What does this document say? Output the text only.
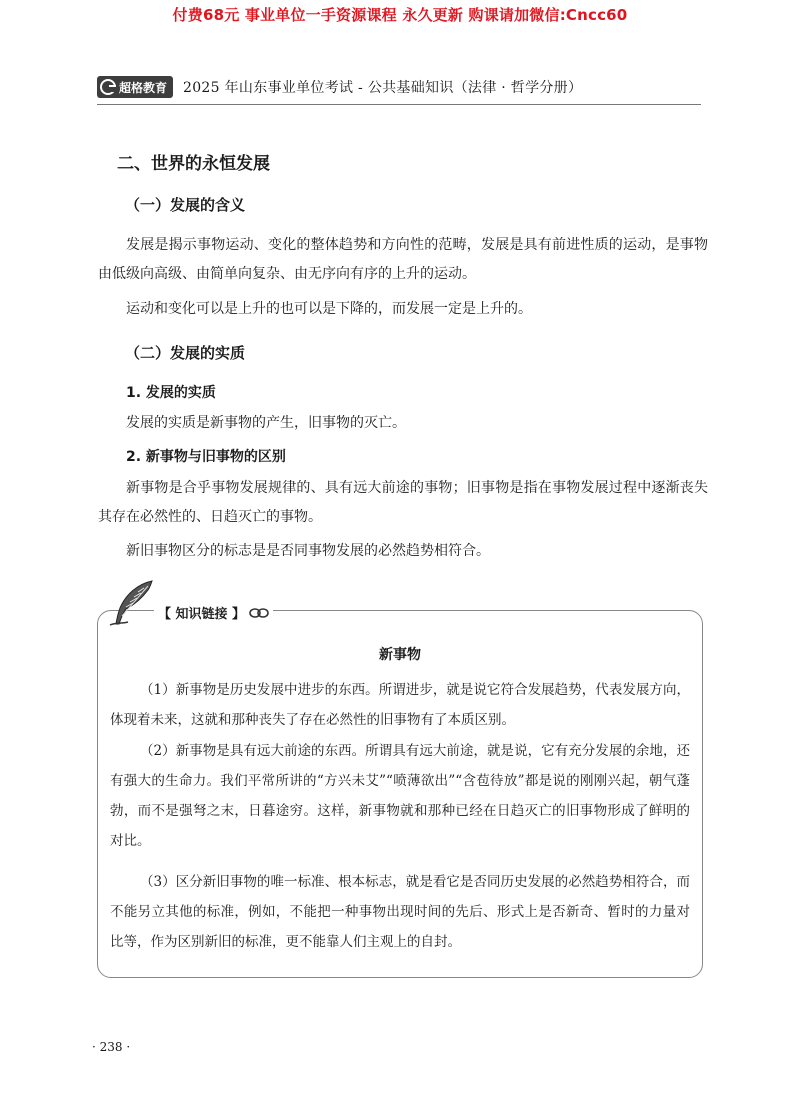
付费68元 事业单位一手资源课程 永久更新 购课请加微信:Cncc60
超格教育 2025 年山东事业单位考试 - 公共基础知识（法律 · 哲学分册）
二、世界的永恒发展
（一）发展的含义
发展是揭示事物运动、变化的整体趋势和方向性的范畴，发展是具有前进性质的运动，是事物由低级向高级、由简单向复杂、由无序向有序的上升的运动。
运动和变化可以是上升的也可以是下降的，而发展一定是上升的。
（二）发展的实质
1. 发展的实质
发展的实质是新事物的产生，旧事物的灭亡。
2. 新事物与旧事物的区别
新事物是合乎事物发展规律的、具有远大前途的事物；旧事物是指在事物发展过程中逐渐丧失其存在必然性的、日趋灭亡的事物。
新旧事物区分的标志是是否同事物发展的必然趋势相符合。
【 知识链接 】
新事物
（1）新事物是历史发展中进步的东西。所谓进步，就是说它符合发展趋势，代表发展方向，体现着未来，这就和那种丧失了存在必然性的旧事物有了本质区别。
（2）新事物是具有远大前途的东西。所谓具有远大前途，就是说，它有充分发展的余地，还有强大的生命力。我们平常所讲的“方兴未艾”“喷薄欲出”“含苞待放”都是说的刚刚兴起，朝气蓬勃，而不是强弩之末，日暮途穷。这样，新事物就和那种已经在日趋灭亡的旧事物形成了鲜明的对比。
（3）区分新旧事物的唯一标准、根本标志，就是看它是否同历史发展的必然趋势相符合，而不能另立其他的标准，例如，不能把一种事物出现时间的先后、形式上是否新奇、暂时的力量对比等，作为区别新旧的标准，更不能靠人们主观上的自封。
· 238 ·
